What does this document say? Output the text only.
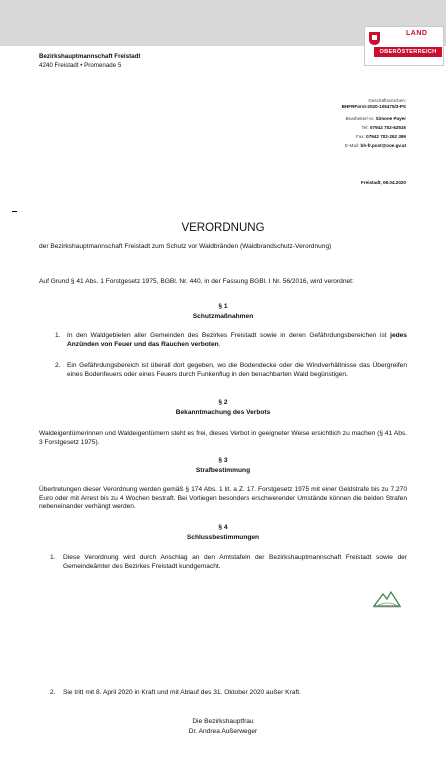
LAND
OBERÖSTERREICH
Bezirkshauptmannschaft Freistadt
4240 Freistadt • Promenade 5
Geschäftszeichen:
BHFRForst-2020-105475/3-PS
Bearbeiter/-in: Simone Payer
Tel: 07942 702-62516
Fax: 07942 702-262 399
E-Mail: bh-fr.post@ooe.gv.at
Freistadt, 08.04.2020
VERORDNUNG
der Bezirkshauptmannschaft Freistadt zum Schutz vor Waldbränden (Waldbrandschutz-Verordnung)
Auf Grund § 41 Abs. 1 Forstgesetz 1975, BGBl. Nr. 440, in der Fassung BGBl. I Nr. 56/2016, wird verordnet:
§ 1
Schutzmaßnahmen
1. In den Waldgebieten aller Gemeinden des Bezirkes Freistadt sowie in deren Gefährdungsbereichen ist jedes Anzünden von Feuer und das Rauchen verboten.
2. Ein Gefährdungsbereich ist überall dort gegeben, wo die Bodendecke oder die Windverhältnisse das Übergreifen eines Bodenfeuers oder eines Feuers durch Funkenflug in den benachbarten Wald begünstigen.
§ 2
Bekanntmachung des Verbots
Waldeigentümerinnen und Waldeigentümern steht es frei, dieses Verbot in geeigneter Weise ersichtlich zu machen (§ 41 Abs. 3 Forstgesetz 1975).
§ 3
Strafbestimmung
Übertretungen dieser Verordnung werden gemäß § 174 Abs. 1 lit. a Z. 17. Forstgesetz 1975 mit einer Geldstrafe bis zu 7.270 Euro oder mit Arrest bis zu 4 Wochen bestraft. Bei Vorliegen besonders erschwerender Umstände können die beiden Strafen nebeneinander verhängt werden.
§ 4
Schlussbestimmungen
1. Diese Verordnung wird durch Anschlag an den Amtstafeln der Bezirkshauptmannschaft Freistadt sowie der Gemeindeämter des Bezirkes Freistadt kundgemacht.
2. Sie tritt mit 8. April 2020 in Kraft und mit Ablauf des 31. Oktober 2020 außer Kraft.
Die Bezirkshauptfrau
Dr. Andrea Außerweger
